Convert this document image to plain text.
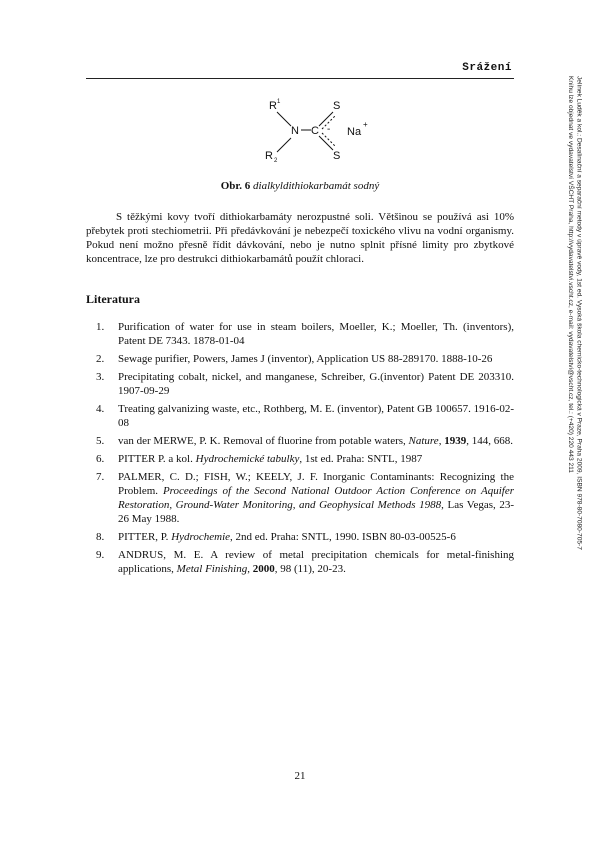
Srážení
Jelínek Luděk a kol.: Desalinační a separační metody v úpravě vody, 1st ed. Vysoká škola chemicko-technologická v Praze, Praha 2009, ISBN 978-80-7080-705-7
Knihu lze objednat ve vydavatelství VŠCHT Praha, http://vydavatelstvi.vscht.cz, e-mail: vydavatelstvi@vscht.cz, tel.: (+420) 220 443 211
R 1
N
R 2
C
S
S
- Na
+
Obr. 6 dialkyldithiokarbamát sodný

S těžkými kovy tvoří dithiokarbamáty nerozpustné soli. Většinou se používá asi 10% přebytek proti stechiometrii. Při předávkování je nebezpečí toxického vlivu na vodní organismy. Pokud není možno přesně řídit dávkování, nebo je nutno splnit přísné limity pro zbytkové koncentrace, lze pro destrukci dithiokarbamátů použít chloraci.

Literatura
1. Purification of water for use in steam boilers, Moeller, K.; Moeller, Th. (inventors), Patent DE 7343. 1878-01-04
2. Sewage purifier, Powers, James J (inventor), Application US 88-289170. 1888-10-26
3. Precipitating cobalt, nickel, and manganese, Schreiber, G.(inventor) Patent DE 203310. 1907-09-29
4. Treating galvanizing waste, etc., Rothberg, M. E. (inventor), Patent GB 100657. 1916-02-08
5. van der MERWE, P. K. Removal of fluorine from potable waters, Nature, 1939, 144, 668.
6. PITTER P. a kol. Hydrochemické tabulky, 1st ed. Praha: SNTL, 1987
7. PALMER, C. D.; FISH, W.; KEELY, J. F. Inorganic Contaminants: Recognizing the Problem. Proceedings of the Second National Outdoor Action Conference on Aquifer Restoration, Ground-Water Monitoring, and Geophysical Methods 1988, Las Vegas, 23-26 May 1988.
8. PITTER, P. Hydrochemie, 2nd ed. Praha: SNTL, 1990. ISBN 80-03-00525-6
9. ANDRUS, M. E. A review of metal precipitation chemicals for metal-finishing applications, Metal Finishing, 2000, 98 (11), 20-23.
21
